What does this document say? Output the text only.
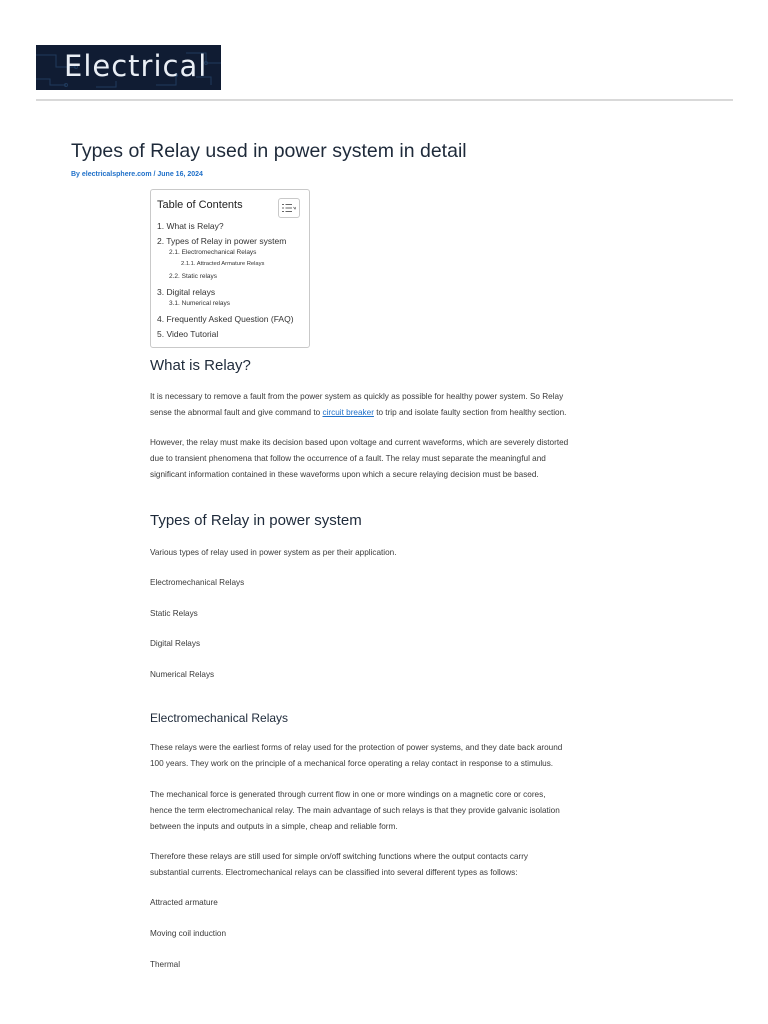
Electrical
Types of Relay used in power system in detail
By electricalsphere.com / June 16, 2024
Table of Contents
1. What is Relay?
2. Types of Relay in power system
2.1. Electromechanical Relays
2.1.1. Attracted Armature Relays
2.2. Static relays
3. Digital relays
3.1. Numerical relays
4. Frequently Asked Question (FAQ)
5. Video Tutorial
What is Relay?

It is necessary to remove a fault from the power system as quickly as possible for healthy power system. So Relay
sense the abnormal fault and give command to circuit breaker to trip and isolate faulty section from healthy section.

However, the relay must make its decision based upon voltage and current waveforms, which are severely distorted
due to transient phenomena that follow the occurrence of a fault. The relay must separate the meaningful and
significant information contained in these waveforms upon which a secure relaying decision must be based.

Types of Relay in power system

Various types of relay used in power system as per their application.

Electromechanical Relays

Static Relays

Digital Relays

Numerical Relays

Electromechanical Relays

These relays were the earliest forms of relay used for the protection of power systems, and they date back around
100 years. They work on the principle of a mechanical force operating a relay contact in response to a stimulus.

The mechanical force is generated through current flow in one or more windings on a magnetic core or cores,
hence the term electromechanical relay. The main advantage of such relays is that they provide galvanic isolation
between the inputs and outputs in a simple, cheap and reliable form.

Therefore these relays are still used for simple on/off switching functions where the output contacts carry
substantial currents. Electromechanical relays can be classified into several different types as follows:

Attracted armature

Moving coil induction

Thermal
